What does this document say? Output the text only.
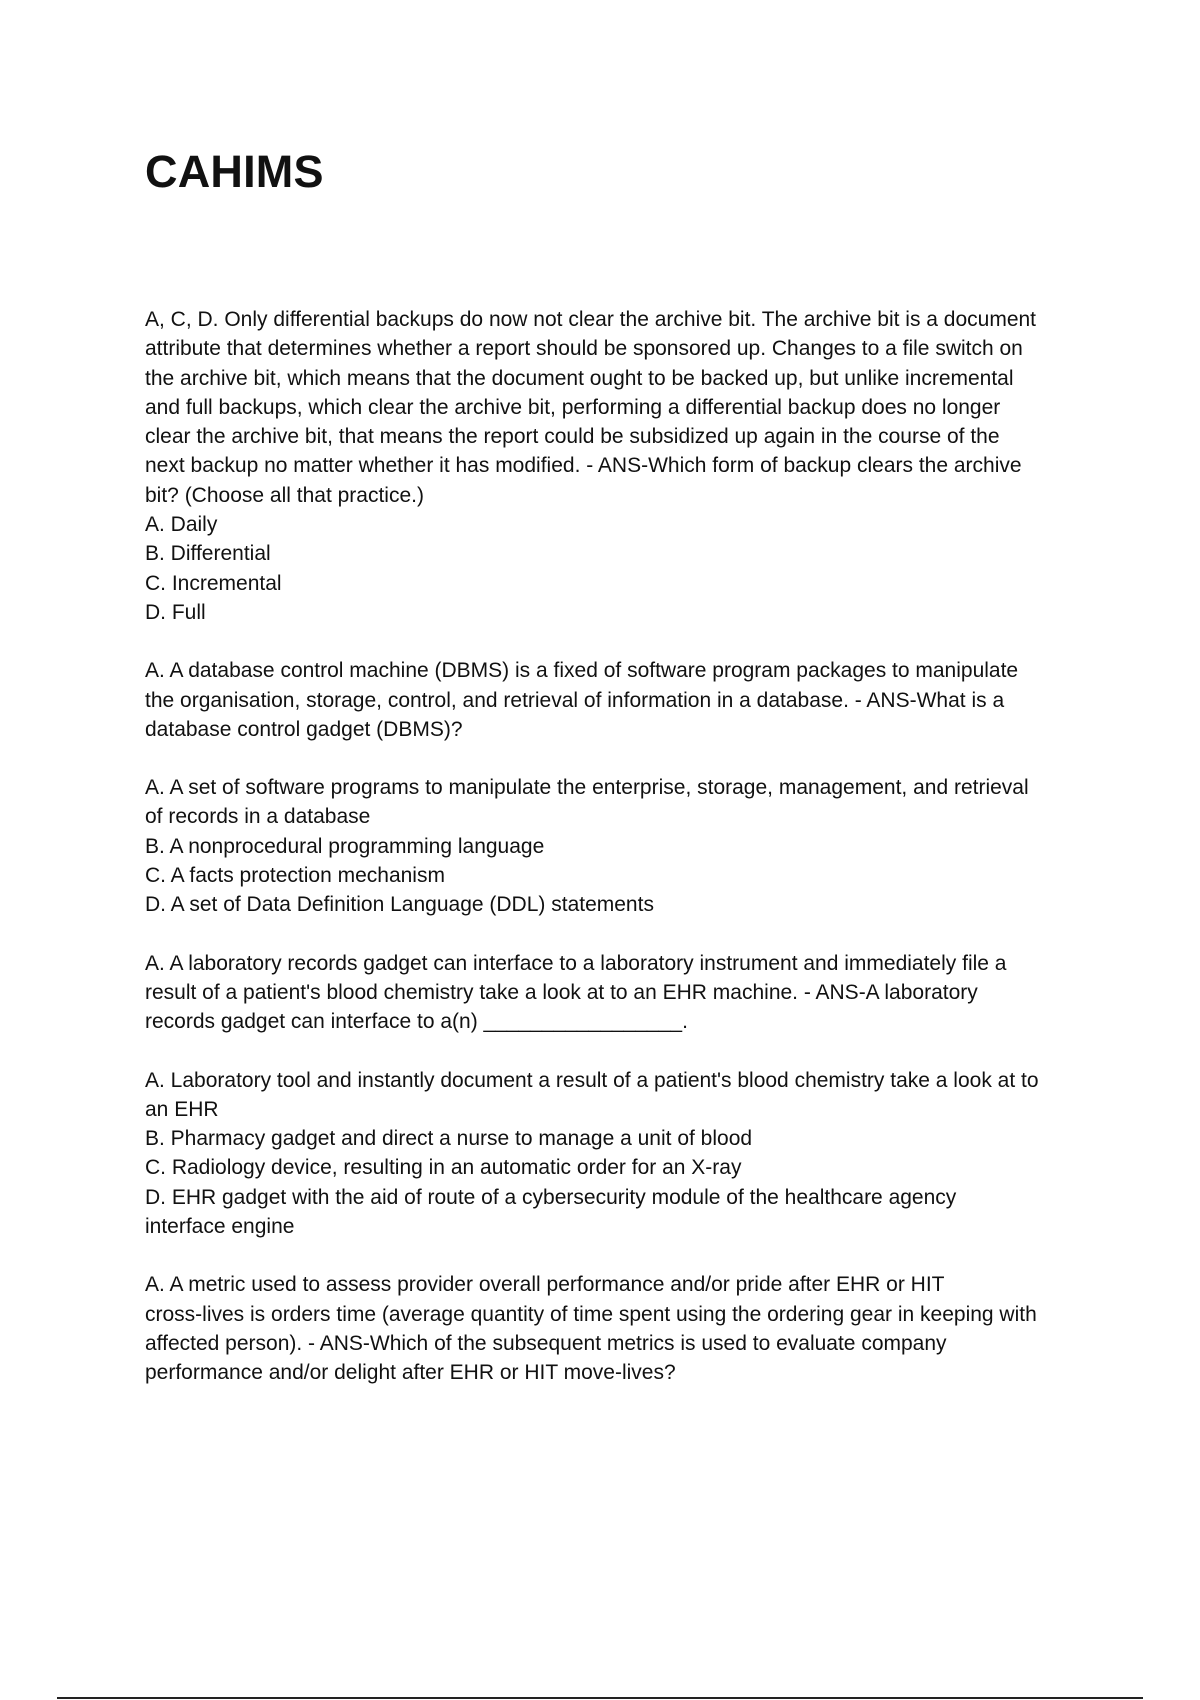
CAHIMS
A, C, D. Only differential backups do now not clear the archive bit. The archive bit is a document
attribute that determines whether a report should be sponsored up. Changes to a file switch on
the archive bit, which means that the document ought to be backed up, but unlike incremental
and full backups, which clear the archive bit, performing a differential backup does no longer
clear the archive bit, that means the report could be subsidized up again in the course of the
next backup no matter whether it has modified. - ANS-Which form of backup clears the archive
bit? (Choose all that practice.)
A. Daily
B. Differential
C. Incremental
D. Full
A. A database control machine (DBMS) is a fixed of software program packages to manipulate
the organisation, storage, control, and retrieval of information in a database. - ANS-What is a
database control gadget (DBMS)?
A. A set of software programs to manipulate the enterprise, storage, management, and retrieval
of records in a database
B. A nonprocedural programming language
C. A facts protection mechanism
D. A set of Data Definition Language (DDL) statements
A. A laboratory records gadget can interface to a laboratory instrument and immediately file a
result of a patient's blood chemistry take a look at to an EHR machine. - ANS-A laboratory
records gadget can interface to a(n) _________________.
A. Laboratory tool and instantly document a result of a patient's blood chemistry take a look at to
an EHR
B. Pharmacy gadget and direct a nurse to manage a unit of blood
C. Radiology device, resulting in an automatic order for an X-ray
D. EHR gadget with the aid of route of a cybersecurity module of the healthcare agency
interface engine
A. A metric used to assess provider overall performance and/or pride after EHR or HIT
cross-lives is orders time (average quantity of time spent using the ordering gear in keeping with
affected person). - ANS-Which of the subsequent metrics is used to evaluate company
performance and/or delight after EHR or HIT move-lives?
